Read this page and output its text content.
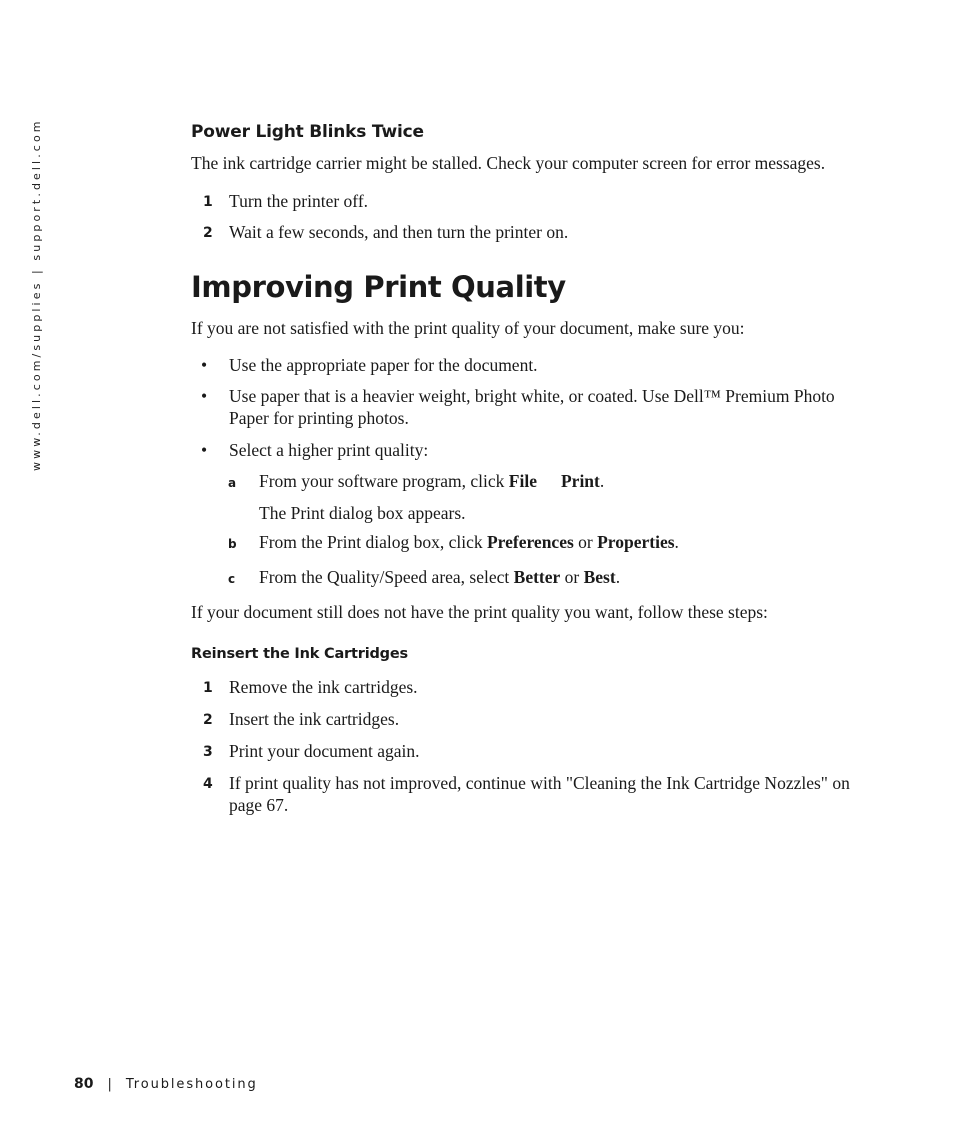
www.dell.com/supplies | support.dell.com	Power Light Blinks Twice
The ink cartridge carrier might be stalled. Check your computer screen for error messages.
1 Turn the printer off.
2 Wait a few seconds, and then turn the printer on.
Improving Print Quality
If you are not satisfied with the print quality of your document, make sure you:
• Use the appropriate paper for the document.
• Use paper that is a heavier weight, bright white, or coated. Use Dell™ Premium Photo Paper for printing photos.
• Select a higher print quality:
a From your software program, click File Print.
The Print dialog box appears.
b From the Print dialog box, click Preferences or Properties.
c From the Quality/Speed area, select Better or Best.
If your document still does not have the print quality you want, follow these steps:
Reinsert the Ink Cartridges
1 Remove the ink cartridges.
2 Insert the ink cartridges.
3 Print your document again.
4 If print quality has not improved, continue with "Cleaning the Ink Cartridge Nozzles" on page 67.
80 | Troubleshooting
